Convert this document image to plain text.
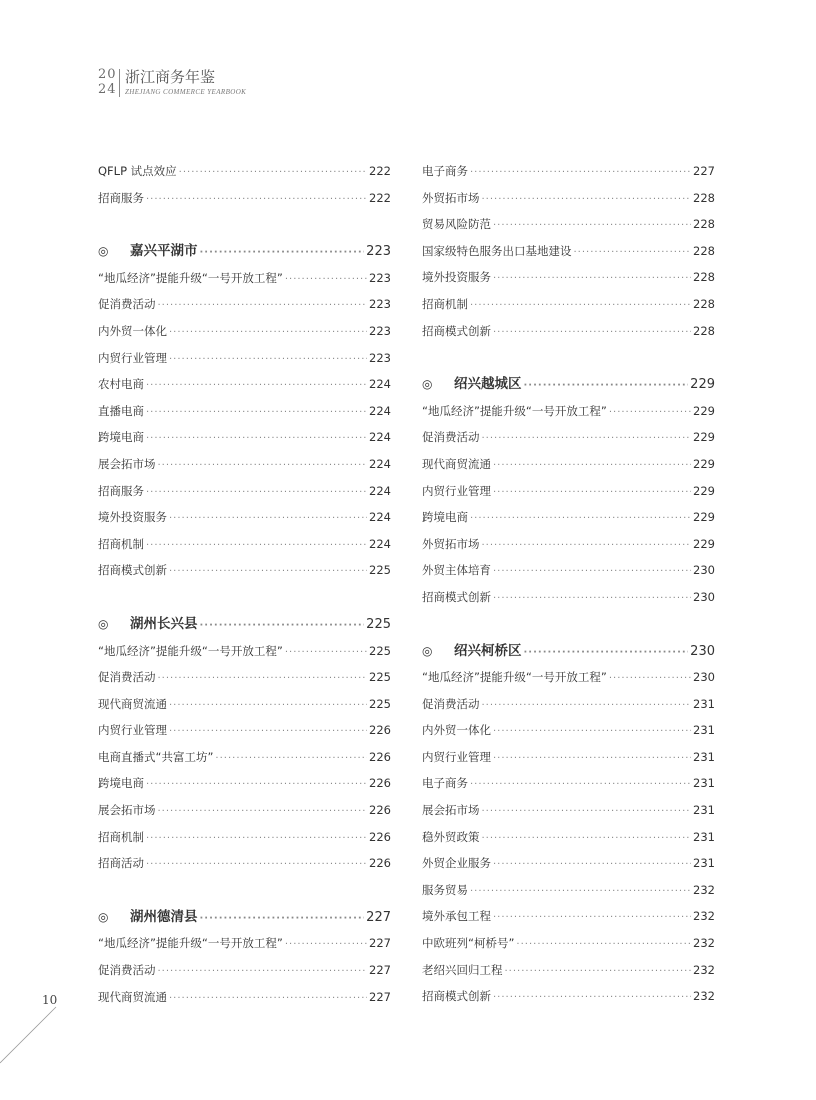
20
24
浙江商务年鉴
ZHEJIANG COMMERCE YEARBOOK
QFLP 试点效应 ·····	222
招商服务 ·····	222
◎	嘉兴平湖市 ·····	223
“地瓜经济”提能升级“一号开放工程” ·····	223
促消费活动 ·····	223
内外贸一体化 ·····	223
内贸行业管理 ·····	223
农村电商 ·····	224
直播电商 ·····	224
跨境电商 ·····	224
展会拓市场 ·····	224
招商服务 ·····	224
境外投资服务 ·····	224
招商机制 ·····	224
招商模式创新 ·····	225
◎	湖州长兴县 ·····	225
“地瓜经济”提能升级“一号开放工程” ·····	225
促消费活动 ·····	225
现代商贸流通 ·····	225
内贸行业管理 ·····	226
电商直播式“共富工坊” ·····	226
跨境电商 ·····	226
展会拓市场 ·····	226
招商机制 ·····	226
招商活动 ·····	226
◎	湖州德清县 ·····	227
“地瓜经济”提能升级“一号开放工程” ·····	227
促消费活动 ·····	227
现代商贸流通 ·····	227
电子商务 ·····	227
外贸拓市场 ·····	228
贸易风险防范 ·····	228
国家级特色服务出口基地建设 ·····	228
境外投资服务 ·····	228
招商机制 ·····	228
招商模式创新 ·····	228
◎	绍兴越城区 ·····	229
“地瓜经济”提能升级“一号开放工程” ·····	229
促消费活动 ·····	229
现代商贸流通 ·····	229
内贸行业管理 ·····	229
跨境电商 ·····	229
外贸拓市场 ·····	229
外贸主体培育 ·····	230
招商模式创新 ·····	230
◎	绍兴柯桥区 ·····	230
“地瓜经济”提能升级“一号开放工程” ·····	230
促消费活动 ·····	231
内外贸一体化 ·····	231
内贸行业管理 ·····	231
电子商务 ·····	231
展会拓市场 ·····	231
稳外贸政策 ·····	231
外贸企业服务 ·····	231
服务贸易 ·····	232
境外承包工程 ·····	232
中欧班列“柯桥号” ·····	232
老绍兴回归工程 ·····	232
招商模式创新 ·····	232
10
